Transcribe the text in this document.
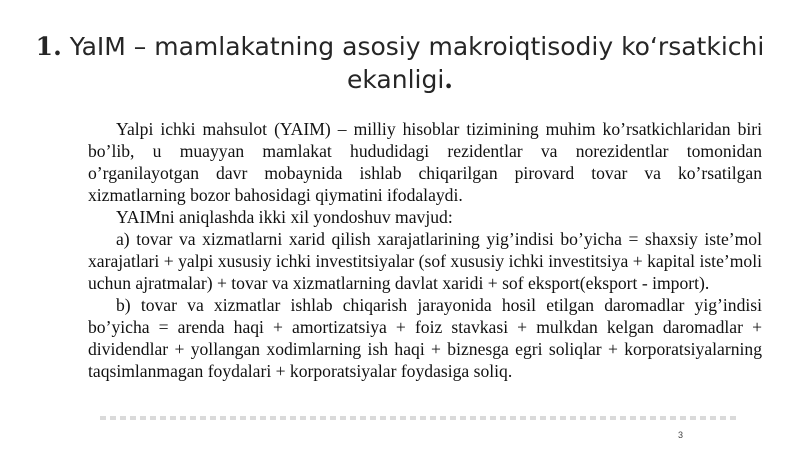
1. YaIM – mamlakatning asosiy makroiqtisodiy ko‘rsatkichi ekanligi.

Yalpi ichki mahsulot (YAIM) – milliy hisoblar tizimining muhim ko’rsatkichlaridan biri bo’lib, u muayyan mamlakat hududidagi rezidentlar va norezidentlar tomonidan o’rganilayotgan davr mobaynida ishlab chiqarilgan pirovard tovar va ko’rsatilgan xizmatlarning bozor bahosidagi qiymatini ifodalaydi.

YAIMni aniqlashda ikki xil yondoshuv mavjud:

a) tovar va xizmatlarni xarid qilish xarajatlarining yig’indisi bo’yicha = shaxsiy iste’mol xarajatlari + yalpi xususiy ichki investitsiyalar (sof xususiy ichki investitsiya + kapital iste’moli uchun ajratmalar) + tovar va xizmatlarning davlat xaridi + sof eksport(eksport - import).

b) tovar va xizmatlar ishlab chiqarish jarayonida hosil etilgan daromadlar yig’indisi bo’yicha = arenda haqi + amortizatsiya + foiz stavkasi + mulkdan kelgan daromadlar + dividendlar + yollangan xodimlarning ish haqi + biznesga egri soliqlar + korporatsiyalarning taqsimlanmagan foydalari + korporatsiyalar foydasiga soliq.

3
